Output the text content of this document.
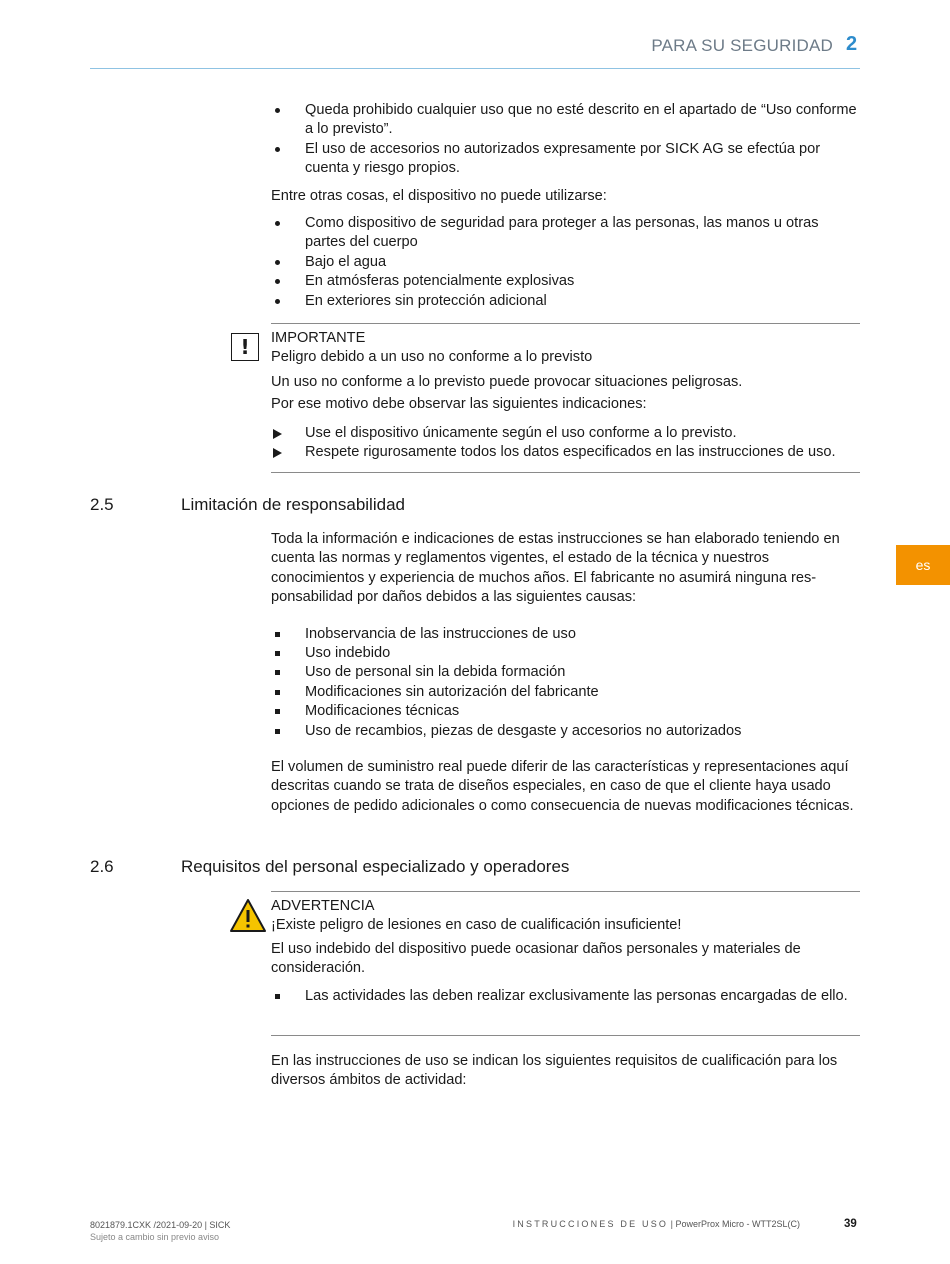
PARA SU SEGURIDAD 2
es
Queda prohibido cualquier uso que no esté descrito en el apartado de “Uso conforme a lo previsto”.
El uso de accesorios no autorizados expresamente por SICK AG se efectúa por cuenta y riesgo propios.

Entre otras cosas, el dispositivo no puede utilizarse:

Como dispositivo de seguridad para proteger a las personas, las manos u otras partes del cuerpo
Bajo el agua
En atmósferas potencialmente explosivas
En exteriores sin protección adicional
!	IMPORTANTE
Peligro debido a un uso no conforme a lo previsto

Un uso no conforme a lo previsto puede provocar situaciones peligrosas.

Por ese motivo debe observar las siguientes indicaciones:

Use el dispositivo únicamente según el uso conforme a lo previsto.
Respete rigurosamente todos los datos especificados en las instrucciones de uso.
2.5	Limitación de responsabilidad

Toda la información e indicaciones de estas instrucciones se han elaborado teniendo en cuenta las normas y reglamentos vigentes, el estado de la técnica y nuestros conocimientos y experiencia de muchos años. El fabricante no asumirá ninguna res-ponsabilidad por daños debidos a las siguientes causas:

Inobservancia de las instrucciones de uso
Uso indebido
Uso de personal sin la debida formación
Modificaciones sin autorización del fabricante
Modificaciones técnicas
Uso de recambios, piezas de desgaste y accesorios no autorizados

El volumen de suministro real puede diferir de las características y representaciones aquí descritas cuando se trata de diseños especiales, en caso de que el cliente haya usado opciones de pedido adicionales o como consecuencia de nuevas modificaciones técnicas.

2.6	Requisitos del personal especializado y operadores
ADVERTENCIA
¡Existe peligro de lesiones en caso de cualificación insuficiente!

El uso indebido del dispositivo puede ocasionar daños personales y materiales de consideración.

Las actividades las deben realizar exclusivamente las personas encargadas de ello.

En las instrucciones de uso se indican los siguientes requisitos de cualificación para los diversos ámbitos de actividad:

8021879.1CXK /2021-09-20 | SICK
Sujeto a cambio sin previo aviso
INSTRUCCIONES DE USO | PowerProx Micro - WTT2SL(C)	39
